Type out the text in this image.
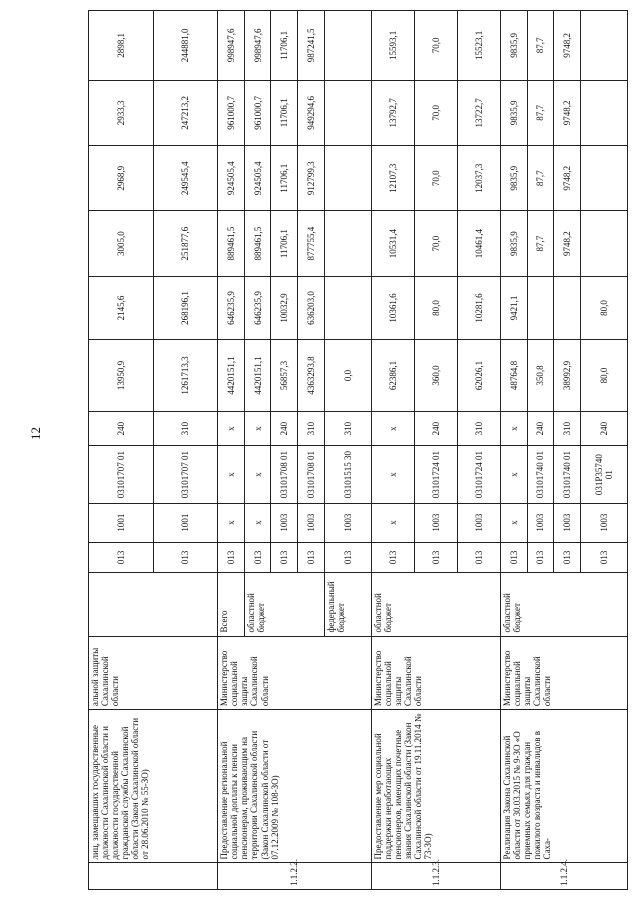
12
	лиц, замещавших государственные должности Сахалинской области и должности государственной гражданской службы Сахалинской области (Закон Сахалинской области от 28.06.2010 № 55-ЗО)	альной защиты Сахалинской области		013	1001	03101707 01	240	13950,9	2145,6	3005,0	2968,9	2933,3	2898,1
				013	1001	03101707 01	310	1261713,3	268196,1	251877,6	249545,4	247213,2	244881,0
1.1.2.2.	Предоставление региональной социальной доплаты к пенсии пенсионерам, проживающим на территории Сахалинской области (Закон Сахалинской области от 07.12.2009 № 108-ЗО)	Министерство социальной защиты Сахалинской области	Всего	013	х	х	х	4420151,1	646235,9	889461,5	924505,4	961000,7	998947,6
			областной бюджет	013	х	х	х	4420151,1	646235,9	889461,5	924505,4	961000,7	998947,6
				013	1003	03101708 01	240	56857,3	10032,9	11706,1	11706,1	11706,1	11706,1
				013	1003	03101708 01	310	4363293,8	636203,0	877755,4	912799,3	949294,6	987241,5
			федеральный бюджет	013	1003	03101515 30	310	0,0					
1.1.2.3.	Предоставление мер социальной поддержки неработающих пенсионеров, имеющих почетные звания Сахалинской области (Закон Сахалинской области от 19.11.2014 № 73-ЗО)	Министерство социальной защиты Сахалинской области	областной бюджет	013	х	х	х	62386,1	10361,6	10531,4	12107,3	13792,7	15593,1
				013	1003	03101724 01	240	360,0	80,0	70,0	70,0	70,0	70,0
				013	1003	03101724 01	310	62026,1	10281,6	10461,4	12037,3	13722,7	15523,1
1.1.2.4.	Реализация Закона Сахалинской области от 30.03.2015 № 9-ЗО «О приемных семьях для граждан пожилого возраста и инвалидов в Саха-	Министерство социальной защиты Сахалинской области	областной бюджет	013	х	х	х	48764,8	9421,1	9835,9	9835,9	9835,9	9835,9
				013	1003	03101740 01	240	350,8		87,7	87,7	87,7	87,7
				013	1003	03101740 01	310	38992,9		9748,2	9748,2	9748,2	9748,2
				013	1003	031Р35740 01	240	80,0	80,0				
